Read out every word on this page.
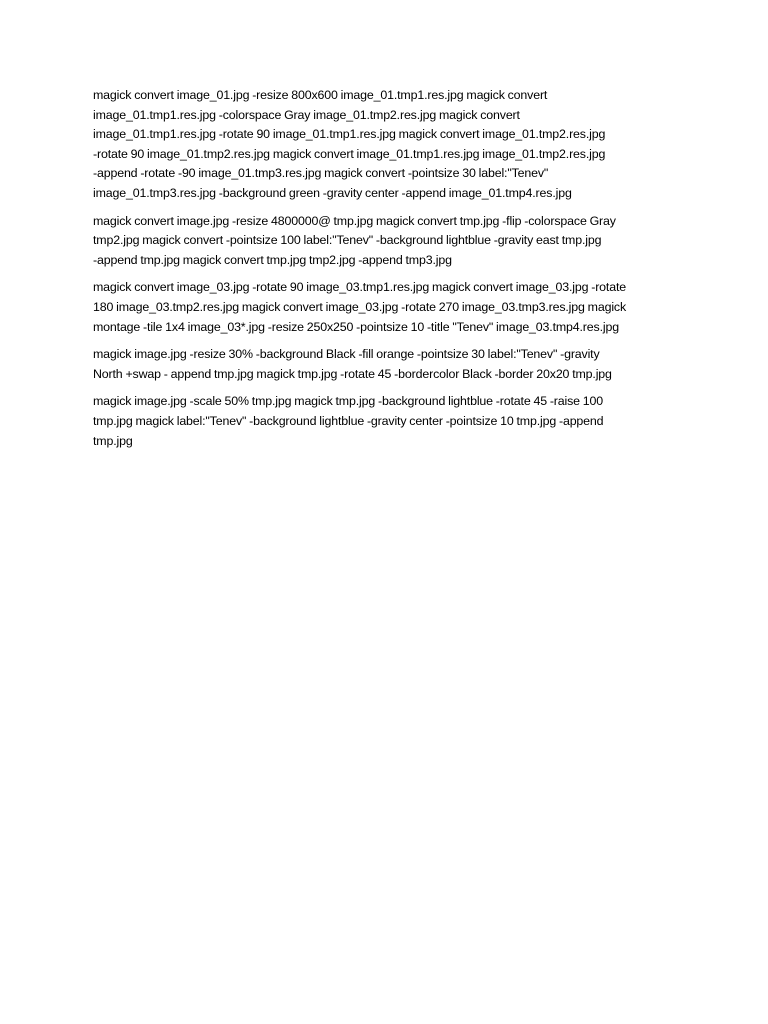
magick convert image_01.jpg -resize 800x600 image_01.tmp1.res.jpg magick convert
image_01.tmp1.res.jpg -colorspace Gray image_01.tmp2.res.jpg magick convert
image_01.tmp1.res.jpg -rotate 90 image_01.tmp1.res.jpg magick convert image_01.tmp2.res.jpg
-rotate 90 image_01.tmp2.res.jpg magick convert image_01.tmp1.res.jpg image_01.tmp2.res.jpg
-append -rotate -90 image_01.tmp3.res.jpg magick convert -pointsize 30 label:"Tenev"
image_01.tmp3.res.jpg -background green -gravity center -append image_01.tmp4.res.jpg

magick convert image.jpg -resize 4800000@ tmp.jpg magick convert tmp.jpg -flip -colorspace Gray
tmp2.jpg magick convert -pointsize 100 label:"Tenev" -background lightblue -gravity east tmp.jpg
-append tmp.jpg magick convert tmp.jpg tmp2.jpg -append tmp3.jpg

magick convert image_03.jpg -rotate 90 image_03.tmp1.res.jpg magick convert image_03.jpg -rotate
180 image_03.tmp2.res.jpg magick convert image_03.jpg -rotate 270 image_03.tmp3.res.jpg magick
montage -tile 1x4 image_03*.jpg -resize 250x250 -pointsize 10 -title "Tenev" image_03.tmp4.res.jpg

magick image.jpg -resize 30% -background Black -fill orange -pointsize 30 label:"Tenev" -gravity
North +swap - append tmp.jpg magick tmp.jpg -rotate 45 -bordercolor Black -border 20x20 tmp.jpg

magick image.jpg -scale 50% tmp.jpg magick tmp.jpg -background lightblue -rotate 45 -raise 100
tmp.jpg magick label:"Tenev" -background lightblue -gravity center -pointsize 10 tmp.jpg -append
tmp.jpg
